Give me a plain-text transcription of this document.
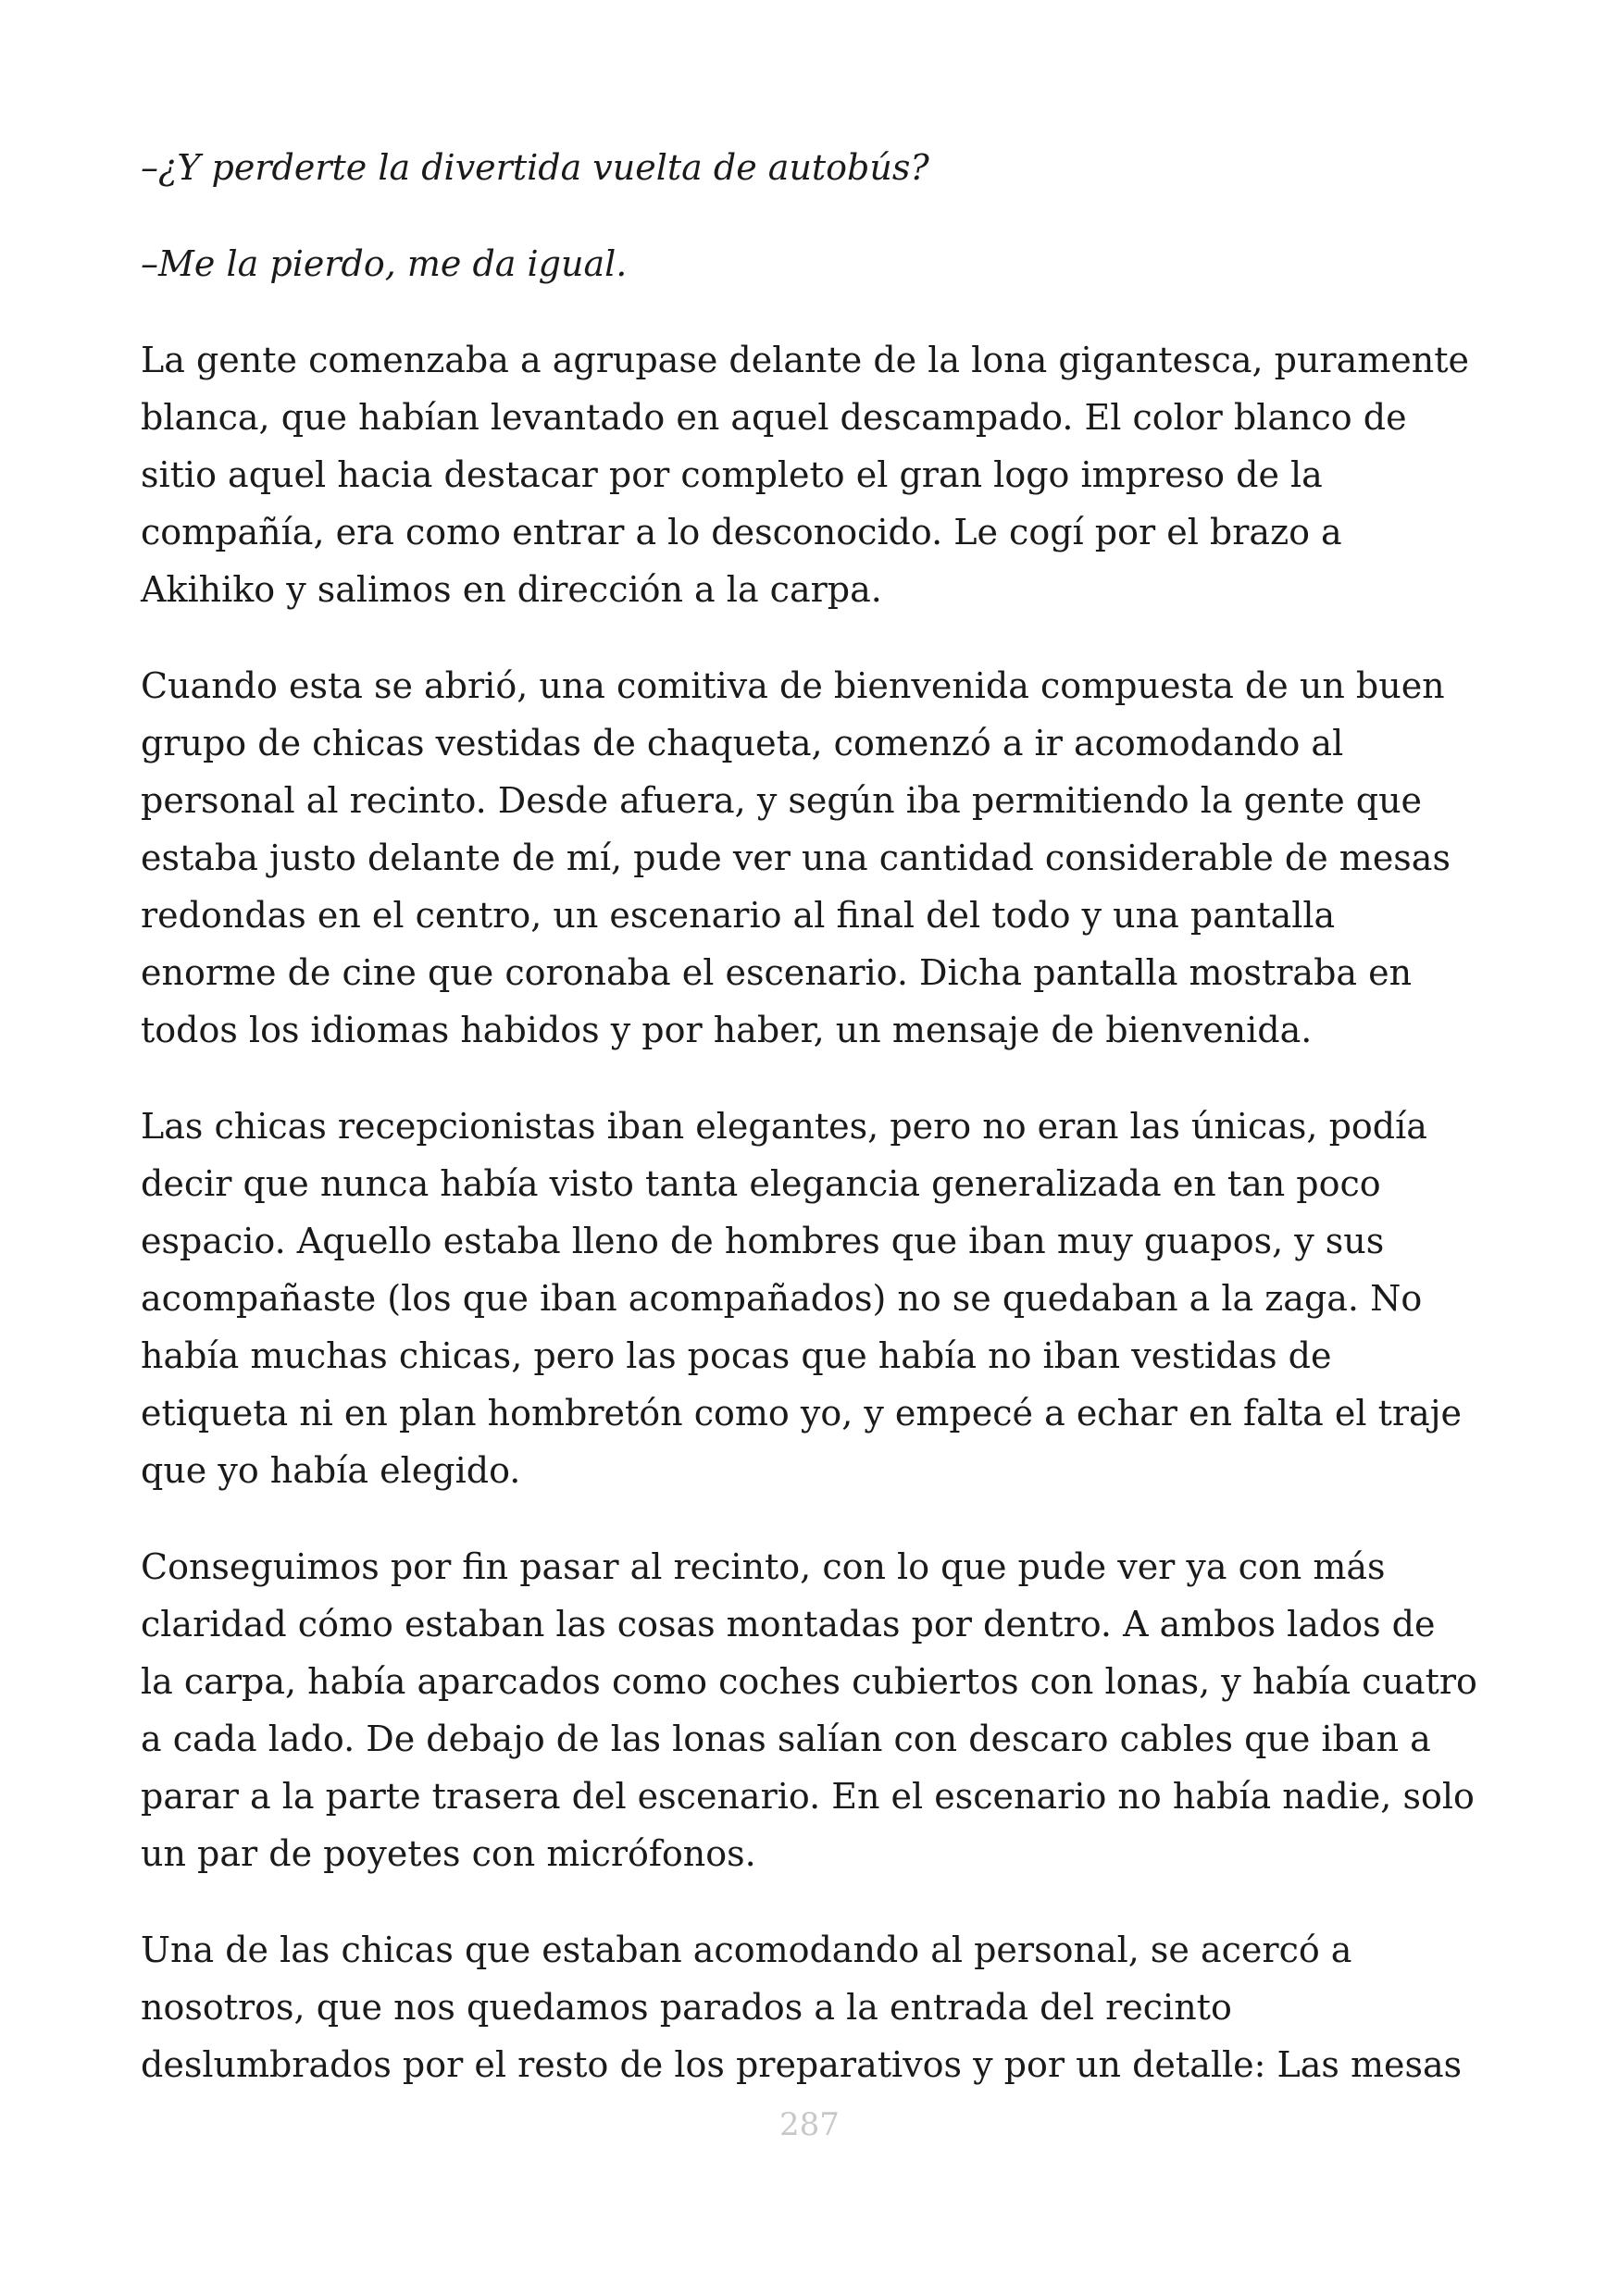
–¿Y perderte la divertida vuelta de autobús?
–Me la pierdo, me da igual.
La gente comenzaba a agrupase delante de la lona gigantesca, puramente
blanca, que habían levantado en aquel descampado. El color blanco de
sitio aquel hacia destacar por completo el gran logo impreso de la
compañía, era como entrar a lo desconocido. Le cogí por el brazo a
Akihiko y salimos en dirección a la carpa.
Cuando esta se abrió, una comitiva de bienvenida compuesta de un buen
grupo de chicas vestidas de chaqueta, comenzó a ir acomodando al
personal al recinto. Desde afuera, y según iba permitiendo la gente que
estaba justo delante de mí, pude ver una cantidad considerable de mesas
redondas en el centro, un escenario al final del todo y una pantalla
enorme de cine que coronaba el escenario. Dicha pantalla mostraba en
todos los idiomas habidos y por haber, un mensaje de bienvenida.
Las chicas recepcionistas iban elegantes, pero no eran las únicas, podía
decir que nunca había visto tanta elegancia generalizada en tan poco
espacio. Aquello estaba lleno de hombres que iban muy guapos, y sus
acompañaste (los que iban acompañados) no se quedaban a la zaga. No
había muchas chicas, pero las pocas que había no iban vestidas de
etiqueta ni en plan hombretón como yo, y empecé a echar en falta el traje
que yo había elegido.
Conseguimos por fin pasar al recinto, con lo que pude ver ya con más
claridad cómo estaban las cosas montadas por dentro. A ambos lados de
la carpa, había aparcados como coches cubiertos con lonas, y había cuatro
a cada lado. De debajo de las lonas salían con descaro cables que iban a
parar a la parte trasera del escenario. En el escenario no había nadie, solo
un par de poyetes con micrófonos.
Una de las chicas que estaban acomodando al personal, se acercó a
nosotros, que nos quedamos parados a la entrada del recinto
deslumbrados por el resto de los preparativos y por un detalle: Las mesas
287
